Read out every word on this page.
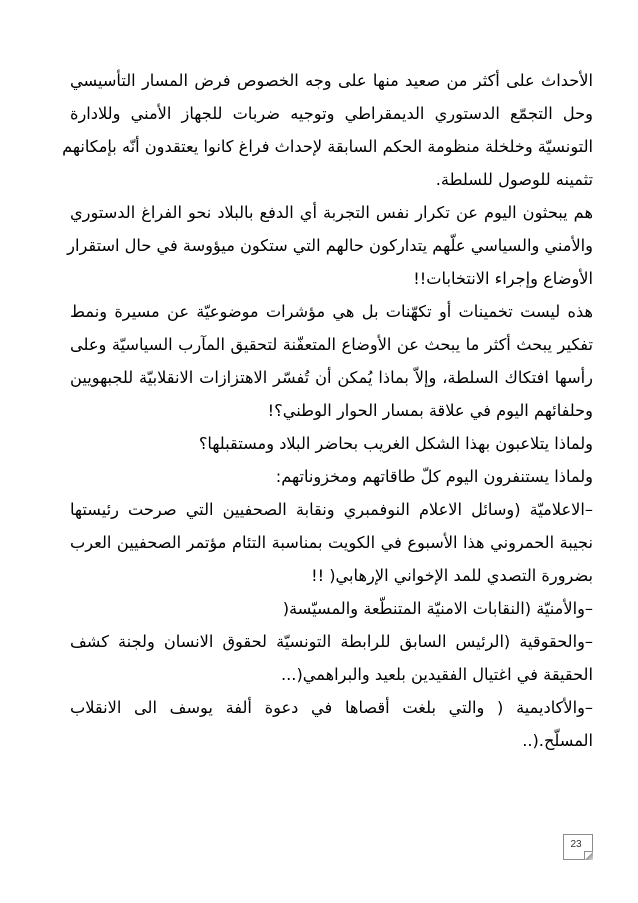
الأحداث على أكثر من صعيد منها على وجه الخصوص فرض المسار التأسيسي
وحل التجمّع الدستوري الديمقراطي وتوجيه ضربات للجهاز الأمني وللادارة
التونسيّة وخلخلة منظومة الحكم السابقة لإحداث فراغ كانوا يعتقدون أنّه بإمكانهم
تثمينه للوصول للسلطة.
هم يبحثون اليوم عن تكرار نفس التجربة أي الدفع بالبلاد نحو الفراغ الدستوري
والأمني والسياسي علّهم يتداركون حالهم التي ستكون ميؤوسة في حال استقرار
الأوضاع وإجراء الانتخابات!!
هذه ليست تخمينات أو تكهّنات بل هي مؤشرات موضوعيّة عن مسيرة ونمط
تفكير يبحث أكثر ما يبحث عن الأوضاع المتعفّنة لتحقيق المآرب السياسيّة وعلى
رأسها افتكاك السلطة، وإلاّ بماذا يُمكن أن تُفسّر الاهتزازات الانقلابيّة للجبهويين
وحلفائهم اليوم في علاقة بمسار الحوار الوطني؟!
ولماذا يتلاعبون بهذا الشكل الغريب بحاضر البلاد ومستقبلها؟
ولماذا يستنفرون اليوم كلّ طاقاتهم ومخزوناتهم:
–الاعلاميّة (وسائل الاعلام النوفمبري ونقابة الصحفيين التي صرحت رئيستها
نجيبة الحمروني هذا الأسبوع في الكويت بمناسبة التئام مؤتمر الصحفيين العرب
بضرورة التصدي للمد الإخواني الإرهابي( !!
–والأمنيّة (النقابات الامنيّة المتنطّعة والمسيّسة(
–والحقوقية (الرئيس السابق للرابطة التونسيّة لحقوق الانسان ولجنة كشف
الحقيقة في اغتيال الفقيدين بلعيد والبراهمي(...
–والأكاديمية ( والتي بلغت أقصاها في دعوة ألفة يوسف الى الانقلاب
المسلّح.(..
23
